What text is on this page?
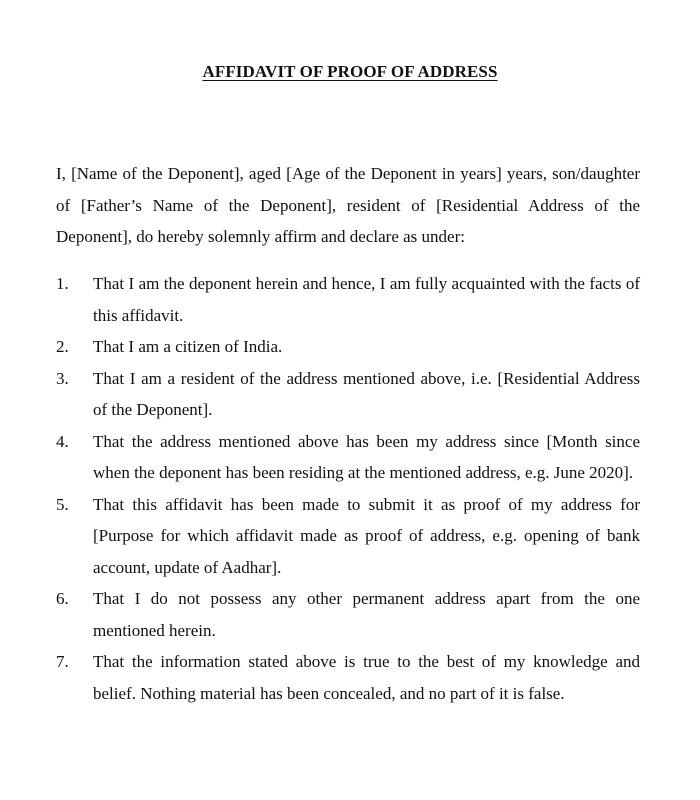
AFFIDAVIT OF PROOF OF ADDRESS
I, [Name of the Deponent], aged [Age of the Deponent in years] years, son/daughter of [Father’s Name of the Deponent], resident of [Residential Address of the Deponent], do hereby solemnly affirm and declare as under:
1.	That I am the deponent herein and hence, I am fully acquainted with the facts of this affidavit.
2.	That I am a citizen of India.
3.	That I am a resident of the address mentioned above, i.e. [Residential Address of the Deponent].
4.	That the address mentioned above has been my address since [Month since when the deponent has been residing at the mentioned address, e.g. June 2020].
5.	That this affidavit has been made to submit it as proof of my address for [Purpose for which affidavit made as proof of address, e.g. opening of bank account, update of Aadhar].
6.	That I do not possess any other permanent address apart from the one mentioned herein.
7.	That the information stated above is true to the best of my knowledge and belief. Nothing material has been concealed, and no part of it is false.
